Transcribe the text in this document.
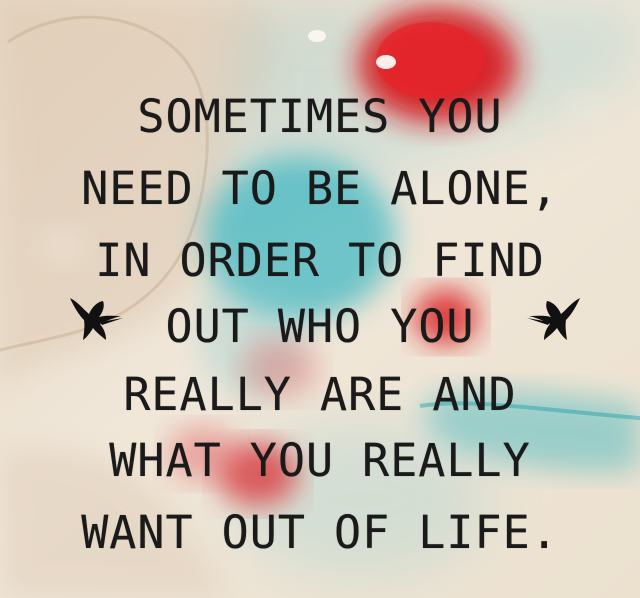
SOMETIMES YOU
NEED TO BE ALONE,
IN ORDER TO FIND
OUT WHO YOU
REALLY ARE AND
WHAT YOU REALLY
WANT OUT OF LIFE.
